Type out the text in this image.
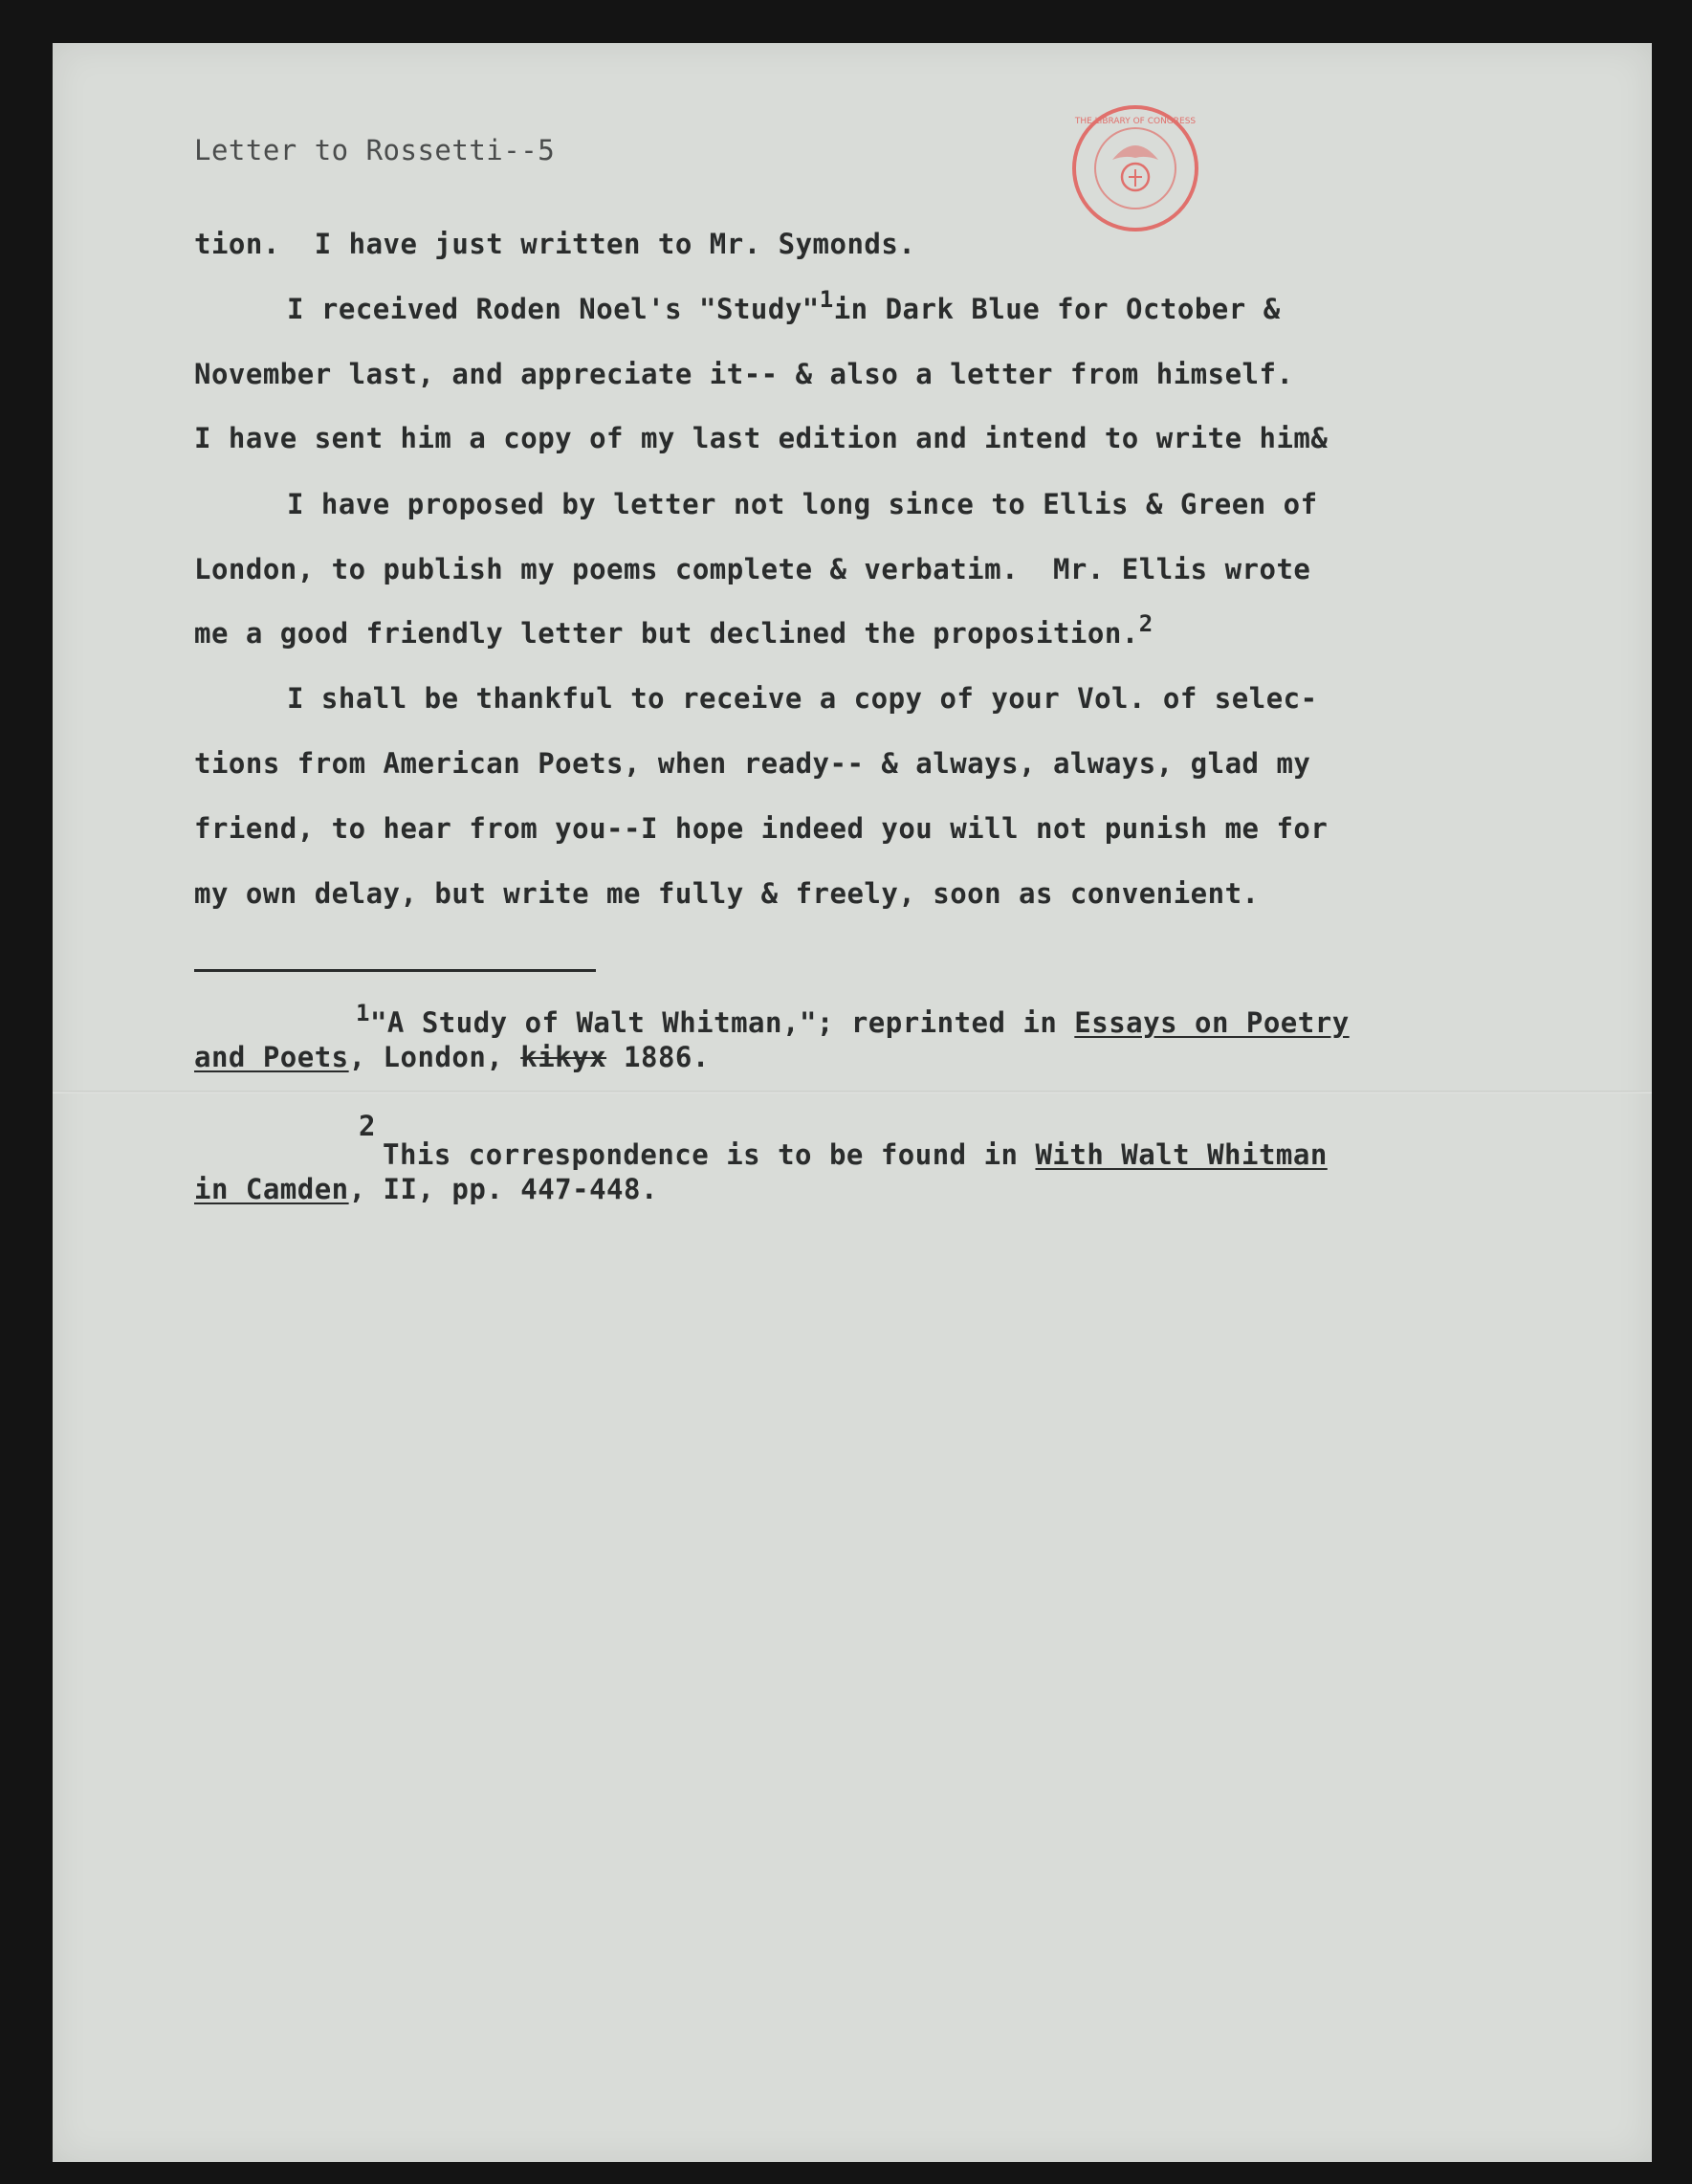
THE LIBRARY OF CONGRESS

Letter to Rossetti--5

tion.  I have just written to Mr. Symonds.

I received Roden Noel's "Study"$^1$in Dark Blue for October &

November last, and appreciate it-- & also a letter from himself.

I have sent him a copy of my last edition and intend to write him&

I have proposed by letter not long since to Ellis & Green of

London, to publish my poems complete & verbatim.  Mr. Ellis wrote

me a good friendly letter but declined the proposition.$^2$

I shall be thankful to receive a copy of your Vol. of selec-

tions from American Poets, when ready-- & always, always, glad my

friend, to hear from you--I hope indeed you will not punish me for

my own delay, but write me fully & freely, soon as convenient.

$^1$"A Study of Walt Whitman,"; reprinted in Essays on Poetry

and Poets, London, kikyx 1886.

2

This correspondence is to be found in With Walt Whitman

in Camden, II, pp. 447-448.
